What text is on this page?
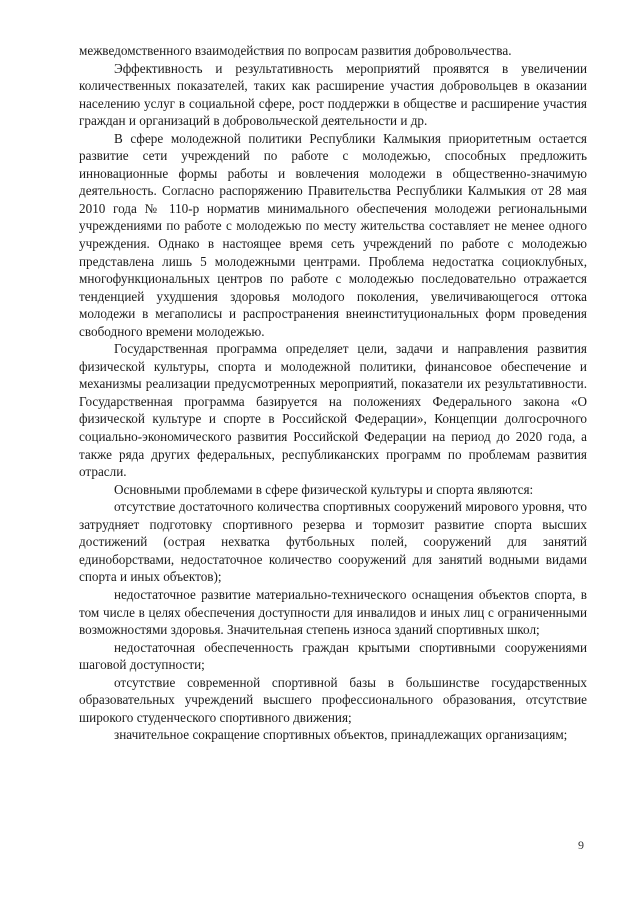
межведомственного взаимодействия по вопросам развития добровольчества.

Эффективность и результативность мероприятий проявятся в увеличении количественных показателей, таких как расширение участия добровольцев в оказании населению услуг в социальной сфере, рост поддержки в обществе и расширение участия граждан и организаций в добровольческой деятельности и др.

В сфере молодежной политики Республики Калмыкия приоритетным остается развитие сети учреждений по работе с молодежью, способных предложить инновационные формы работы и вовлечения молодежи в общественно-значимую деятельность. Согласно распоряжению Правительства Республики Калмыкия от 28 мая 2010 года № 110-р норматив минимального обеспечения молодежи региональными учреждениями по работе с молодежью по месту жительства составляет не менее одного учреждения. Однако в настоящее время сеть учреждений по работе с молодежью представлена лишь 5 молодежными центрами. Проблема недостатка социоклубных, многофункциональных центров по работе с молодежью последовательно отражается тенденцией ухудшения здоровья молодого поколения, увеличивающегося оттока молодежи в мегаполисы и распространения внеинституциональных форм проведения свободного времени молодежью.

Государственная программа определяет цели, задачи и направления развития физической культуры, спорта и молодежной политики, финансовое обеспечение и механизмы реализации предусмотренных мероприятий, показатели их результативности. Государственная программа базируется на положениях Федерального закона «О физической культуре и спорте в Российской Федерации», Концепции долгосрочного социально-экономического развития Российской Федерации на период до 2020 года, а также ряда других федеральных, республиканских программ по проблемам развития отрасли.

Основными проблемами в сфере физической культуры и спорта являются:

отсутствие достаточного количества спортивных сооружений мирового уровня, что затрудняет подготовку спортивного резерва и тормозит развитие спорта высших достижений (острая нехватка футбольных полей, сооружений для занятий единоборствами, недостаточное количество сооружений для занятий водными видами спорта и иных объектов);

недостаточное развитие материально-технического оснащения объектов спорта, в том числе в целях обеспечения доступности для инвалидов и иных лиц с ограниченными возможностями здоровья. Значительная степень износа зданий спортивных школ;

недостаточная обеспеченность граждан крытыми спортивными сооружениями шаговой доступности;

отсутствие современной спортивной базы в большинстве государственных образовательных учреждений высшего профессионального образования, отсутствие широкого студенческого спортивного движения;

значительное сокращение спортивных объектов, принадлежащих организациям;

9
